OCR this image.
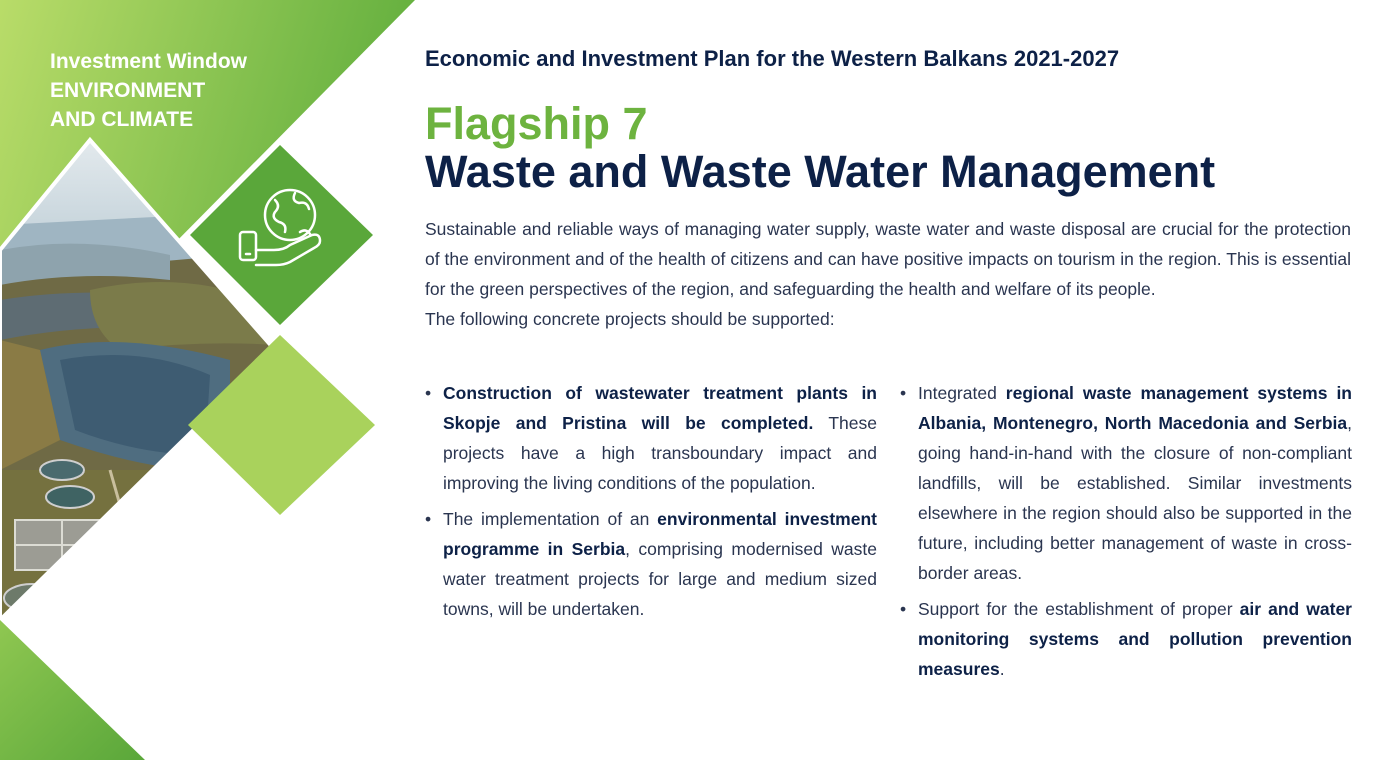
Investment Window
ENVIRONMENT
AND CLIMATE
Economic and Investment Plan for the Western Balkans 2021-2027
Flagship 7
Waste and Waste Water Management

Sustainable and reliable ways of managing water supply, waste water and waste disposal are crucial for the protection of the environment and of the health of citizens and can have positive impacts on tourism in the region. This is essential for the green perspectives of the region, and safeguarding the health and welfare of its people.

The following concrete projects should be supported:

• Construction of wastewater treatment plants in Skopje and Pristina will be completed. These projects have a high transboundary impact and improving the living conditions of the population.
• The implementation of an environmental investment programme in Serbia, comprising modernised waste water treatment projects for large and medium sized towns, will be undertaken.
• Integrated regional waste management systems in Albania, Montenegro, North Macedonia and Serbia, going hand-in-hand with the closure of non-compliant landfills, will be established. Similar investments elsewhere in the region should also be supported in the future, including better management of waste in cross-border areas.
• Support for the establishment of proper air and water monitoring systems and pollution prevention measures.
